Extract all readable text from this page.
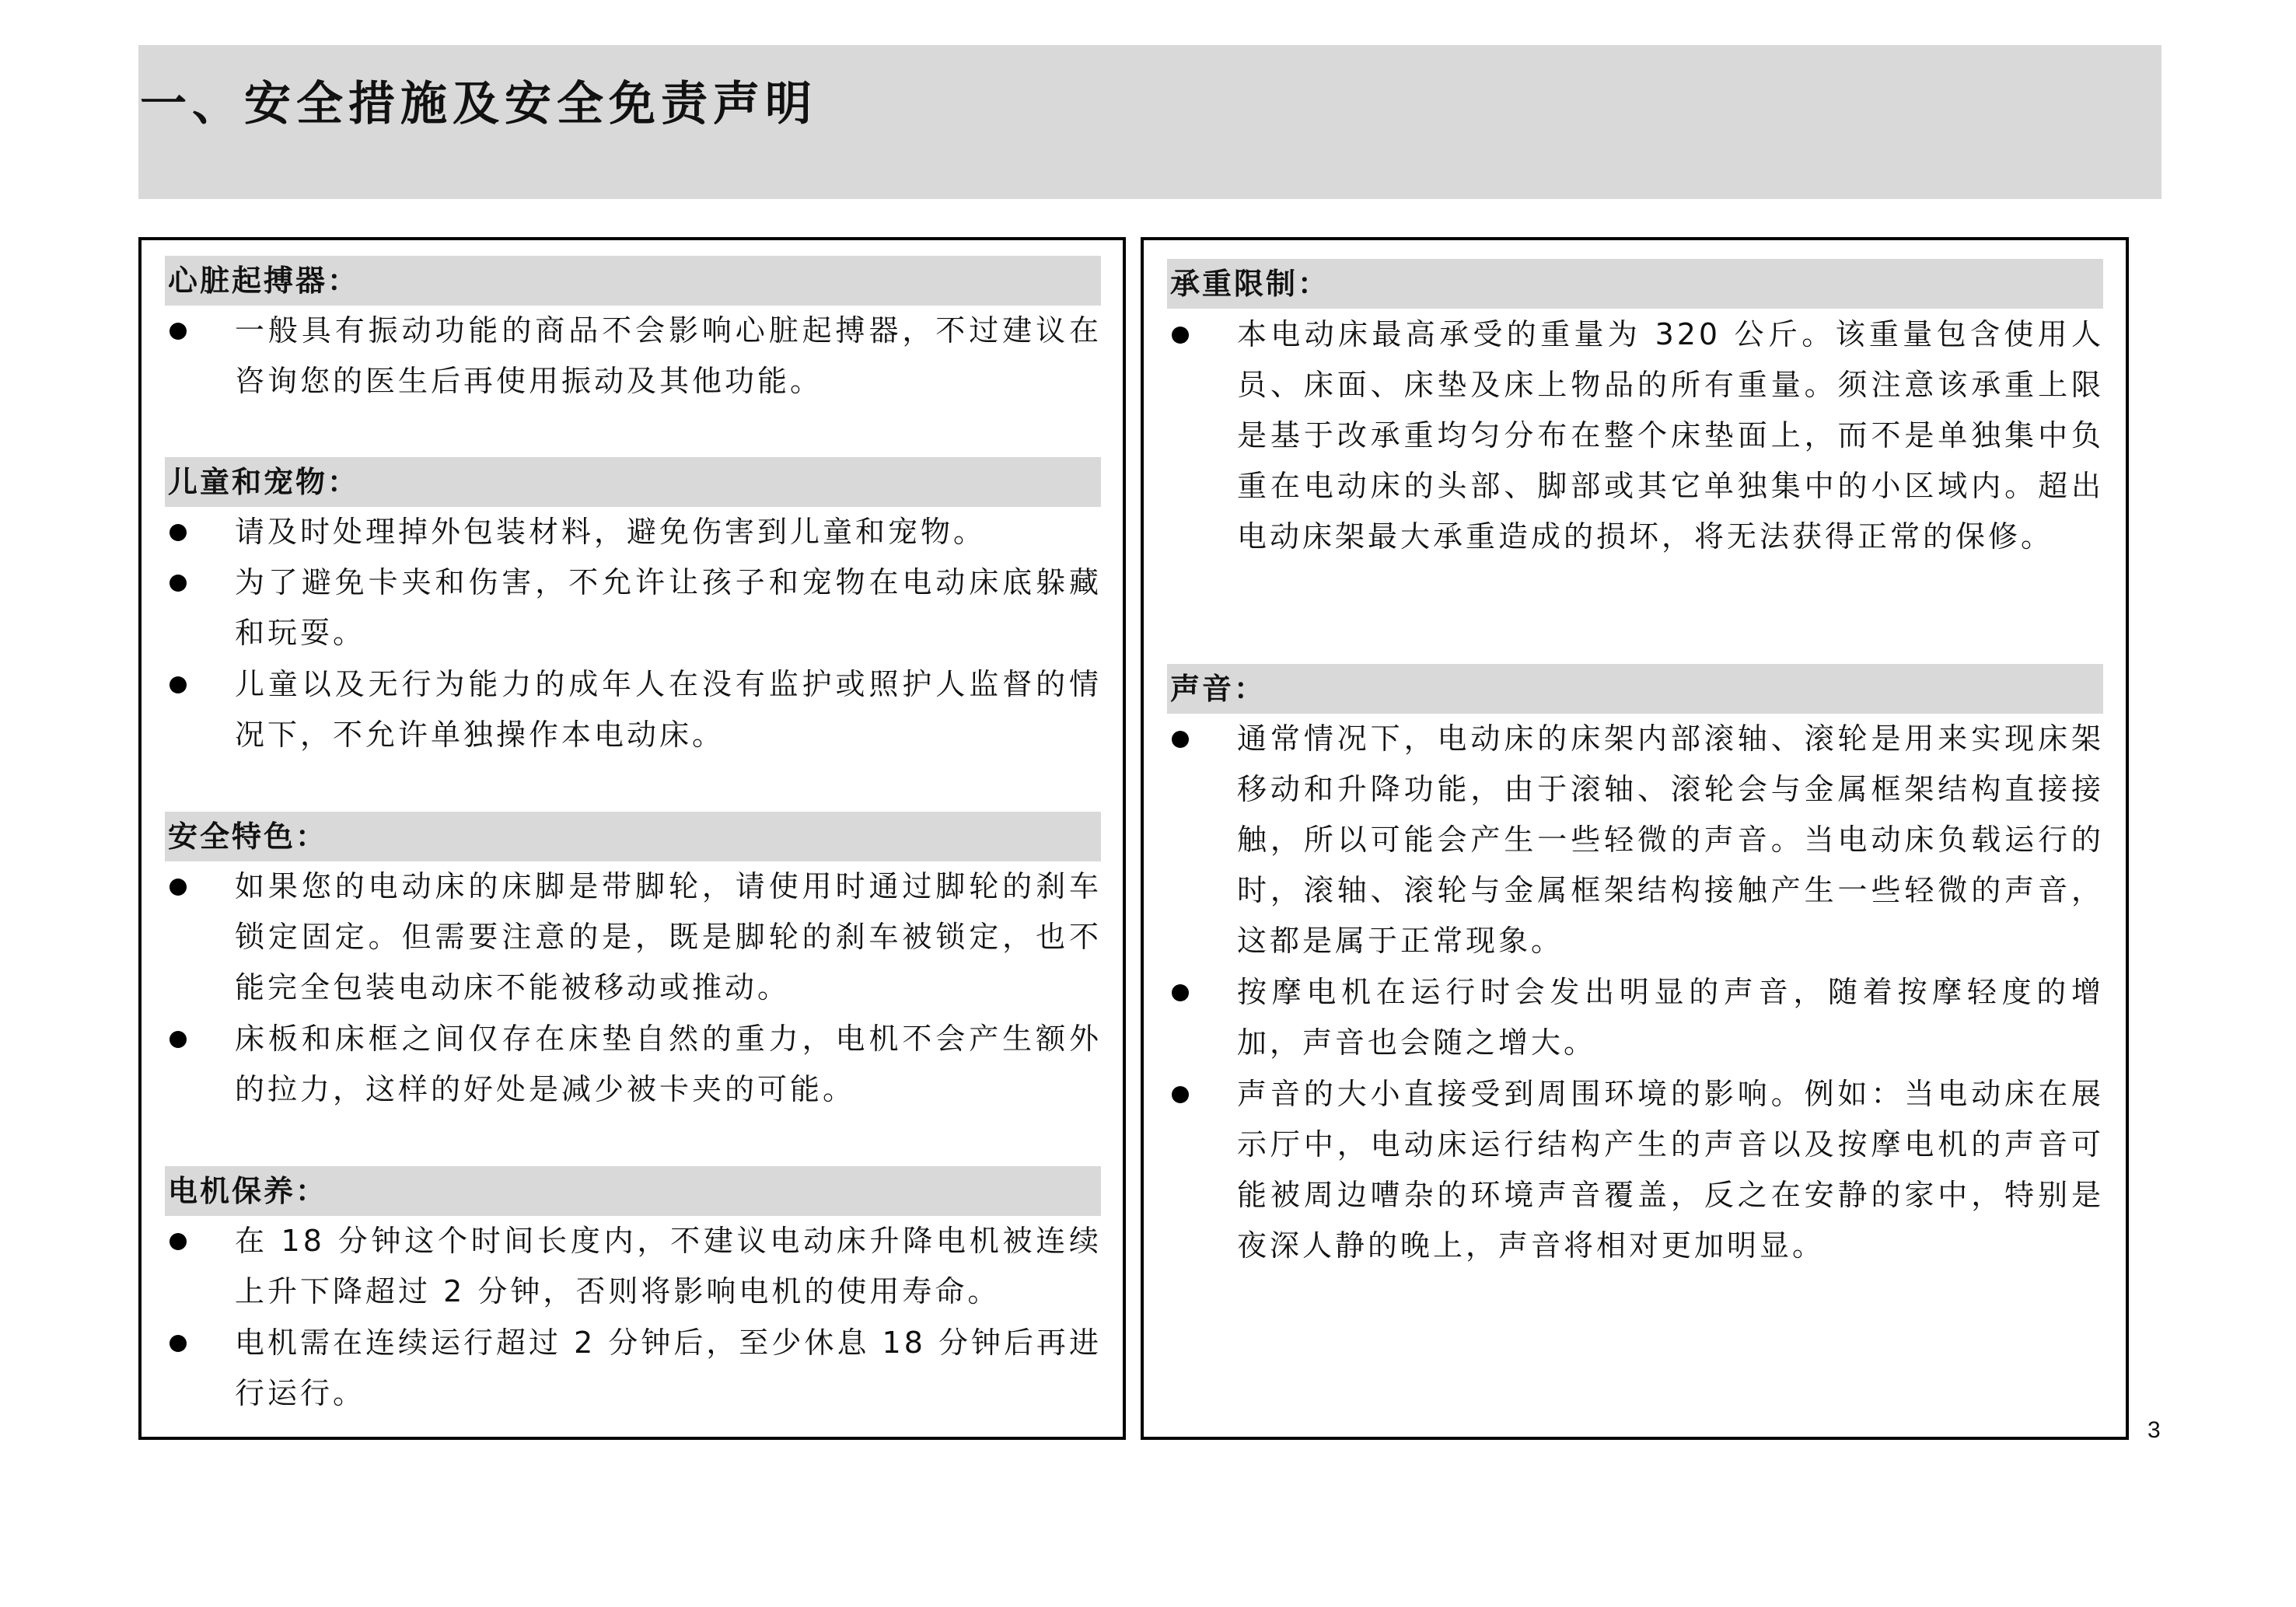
一、安全措施及安全免责声明
心脏起搏器：
一般具有振动功能的商品不会影响心脏起搏器，不过建议在咨询您的医生后再使用振动及其他功能。
儿童和宠物：
请及时处理掉外包装材料，避免伤害到儿童和宠物。
为了避免卡夹和伤害，不允许让孩子和宠物在电动床底躲藏和玩耍。
儿童以及无行为能力的成年人在没有监护或照护人监督的情况下，不允许单独操作本电动床。
安全特色：
如果您的电动床的床脚是带脚轮，请使用时通过脚轮的刹车锁定固定。但需要注意的是，既是脚轮的刹车被锁定，也不能完全包装电动床不能被移动或推动。
床板和床框之间仅存在床垫自然的重力，电机不会产生额外的拉力，这样的好处是减少被卡夹的可能。
电机保养：
在 18 分钟这个时间长度内，不建议电动床升降电机被连续上升下降超过 2 分钟，否则将影响电机的使用寿命。
电机需在连续运行超过 2 分钟后，至少休息 18 分钟后再进行运行。
承重限制：
本电动床最高承受的重量为 320 公斤。该重量包含使用人员、床面、床垫及床上物品的所有重量。须注意该承重上限是基于改承重均匀分布在整个床垫面上，而不是单独集中负重在电动床的头部、脚部或其它单独集中的小区域内。超出电动床架最大承重造成的损坏，将无法获得正常的保修。
声音：
通常情况下，电动床的床架内部滚轴、滚轮是用来实现床架移动和升降功能，由于滚轴、滚轮会与金属框架结构直接接触，所以可能会产生一些轻微的声音。当电动床负载运行的时，滚轴、滚轮与金属框架结构接触产生一些轻微的声音，这都是属于正常现象。
按摩电机在运行时会发出明显的声音，随着按摩轻度的增加，声音也会随之增大。
声音的大小直接受到周围环境的影响。例如：当电动床在展示厅中，电动床运行结构产生的声音以及按摩电机的声音可能被周边嘈杂的环境声音覆盖，反之在安静的家中，特别是夜深人静的晚上，声音将相对更加明显。
3
